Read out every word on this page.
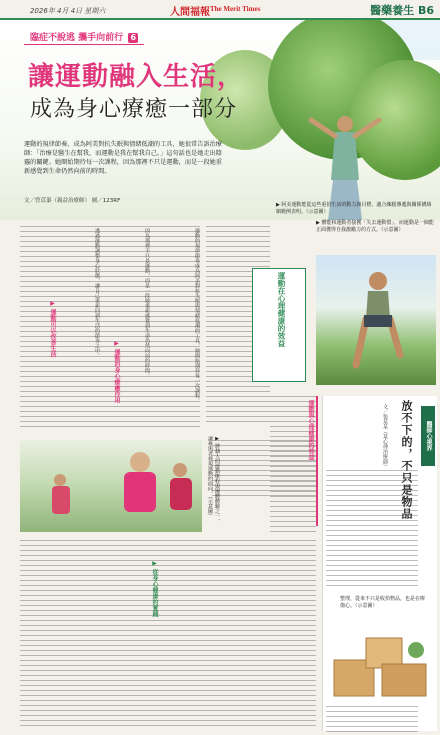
2026年 4月 4日 星期六	人間福報 The Merit Times	醫藥養生 B6
臨症不說逃 攜手向前行 6
讓運動融入生活，
成為身心療癒一部分
運動的規律節奏，成為阿美對抗失眠與情緒低潮的工具，她很常告訴治療師：「治療是醫生在幫我，而運動是我在幫我自己。」這句話也是她走出陰霾的關鍵。她開始期待每一次課程，因為那裡不只是運動，而是一段她重新感覺到生命仍然向前的時間。
文／曾苡蓁（親益治療師） 圖／123RF
▶ 阿美運動能從這些重拾生活的動力與目標。適合練腿傳遞與關係構絡網範例表明。（示意圖）
▶ 體能和運動者接獲「失去運動慣」，而運動是一個能正面獲得自我激勵力的方式。（示意圖）
運動的規律節奏成為阿美對抗失眠與情緒低潮的工具，她開始期待每一次課程。
因為那裡不只是運動，而是一段她重新感覺到生命仍然向前的時間。
透過運動調整身心狀態，讓自己重新回到生活的節奏之中。	運動在心理健康的效益
▶ 運動的身心療癒作用
▶ 運動可以改善生活
▶ 從身心健康的實踐
▶ 將個人的運動療程與團體體驗之一，讓參與者發現運動的面向。（示意圖）
運動與心理健康的效益	醫師心視界
放不下的，不只是物品
文／張某某（某心理治療師）
整理，從來不只是收拾物品，也是在療傷心。（示意圖）
